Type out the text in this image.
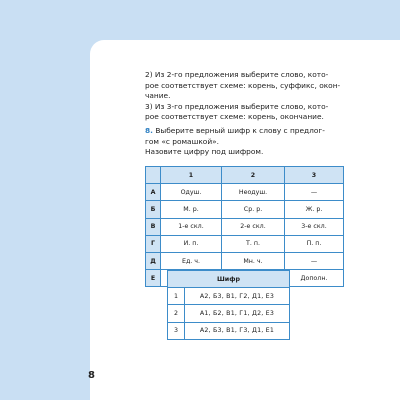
2) Из 2-го предложения выберите слово, кото-
рое соответствует схеме: корень, суффикс, окон-
чание.
3) Из 3-го предложения выберите слово, кото-
рое соответствует схеме: корень, окончание.
8. Выберите верный шифр к слову с предлог-
гом «с ромашкой».
Назовите цифру под шифром.
	1	2	3
А	Одуш.	Неодуш.	—
Б	М. р.	Ср. р.	Ж. р.
В	1-е скл.	2-е скл.	3-е скл.
Г	И. п.	Т. п.	П. п.
Д	Ед. ч.	Мн. ч.	—
Е			Дополн.
Шифр	
1	А2, Б3, В1, Г2, Д1, Е3
2	А1, Б2, В1, Г1, Д2, Е3
3	А2, Б3, В1, Г3, Д1, Е1
8
